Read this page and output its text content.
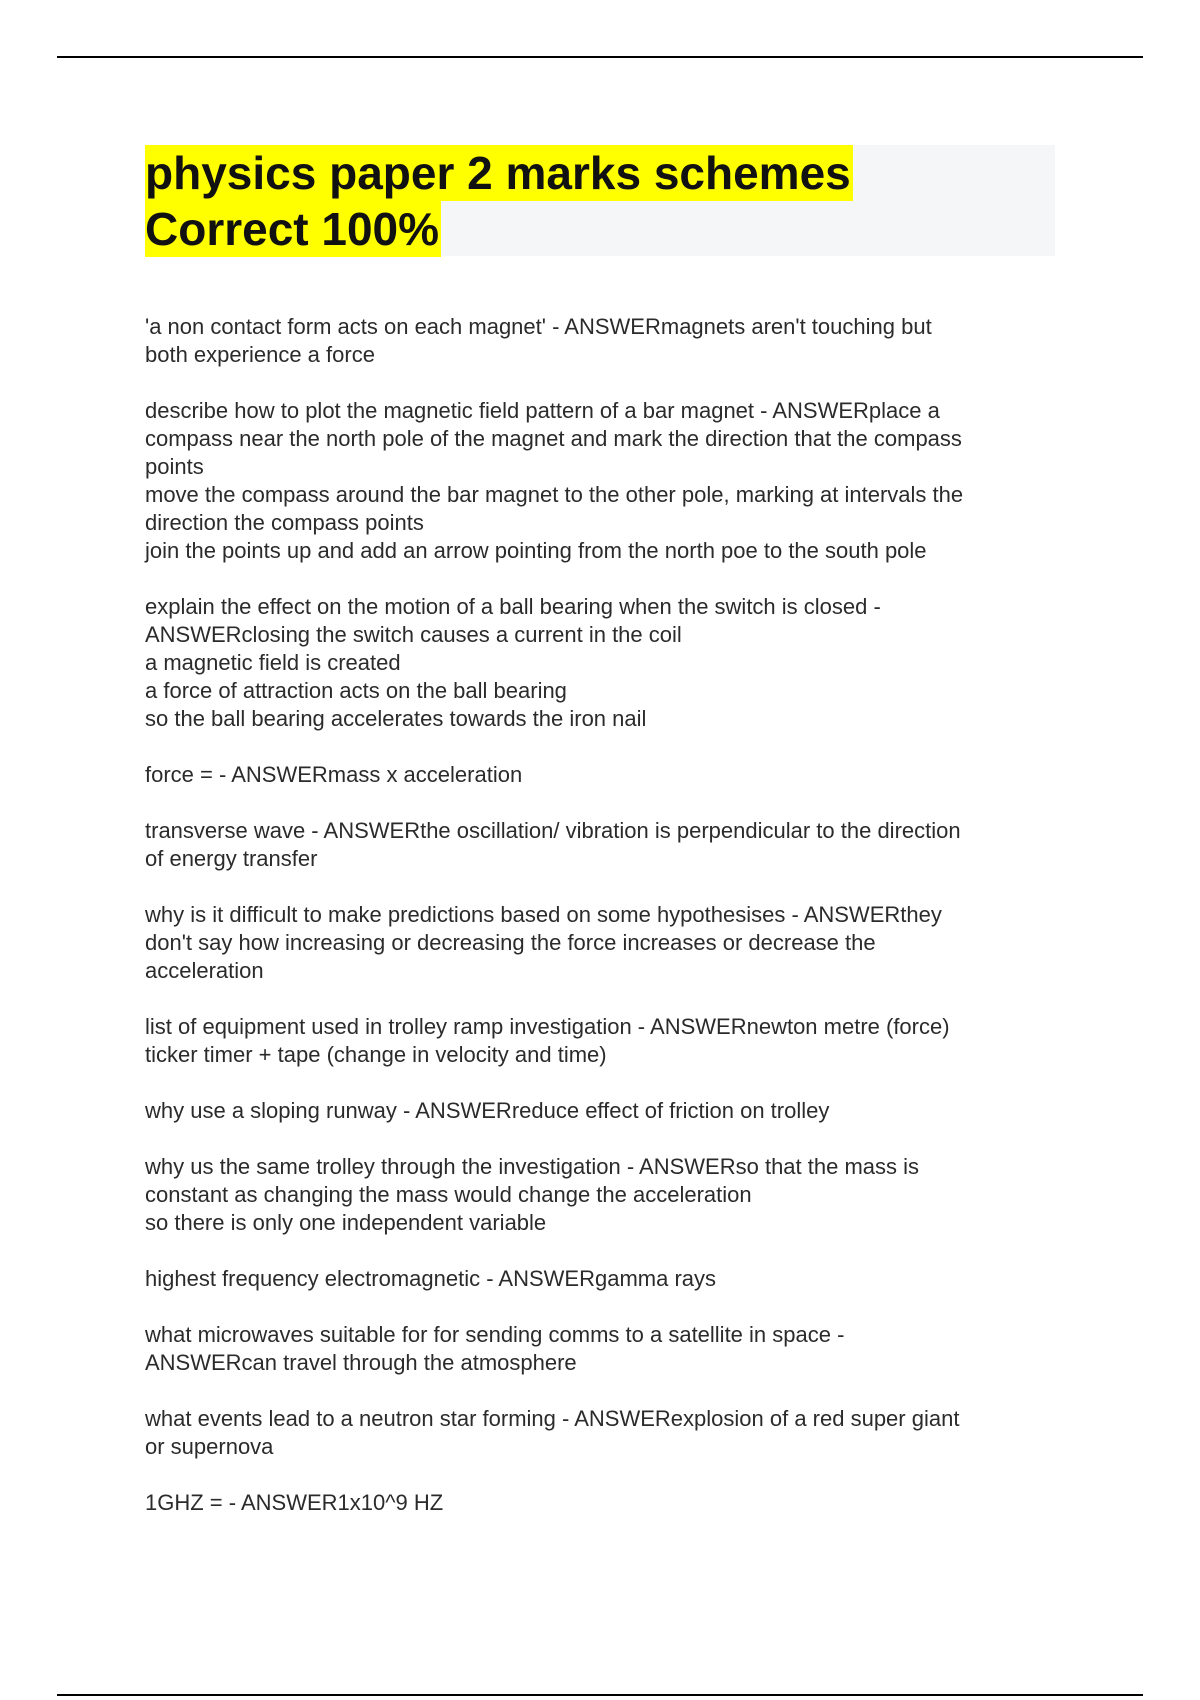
physics paper 2 marks schemes
Correct 100%
'a non contact form acts on each magnet' - ANSWERmagnets aren't touching but
both experience a force
describe how to plot the magnetic field pattern of a bar magnet - ANSWERplace a
compass near the north pole of the magnet and mark the direction that the compass
points
move the compass around the bar magnet to the other pole, marking at intervals the
direction the compass points
join the points up and add an arrow pointing from the north poe to the south pole
explain the effect on the motion of a ball bearing when the switch is closed -
ANSWERclosing the switch causes a current in the coil
a magnetic field is created
a force of attraction acts on the ball bearing
so the ball bearing accelerates towards the iron nail
force = - ANSWERmass x acceleration
transverse wave - ANSWERthe oscillation/ vibration is perpendicular to the direction
of energy transfer
why is it difficult to make predictions based on some hypothesises - ANSWERthey
don't say how increasing or decreasing the force increases or decrease the
acceleration
list of equipment used in trolley ramp investigation - ANSWERnewton metre (force)
ticker timer + tape (change in velocity and time)
why use a sloping runway - ANSWERreduce effect of friction on trolley
why us the same trolley through the investigation - ANSWERso that the mass is
constant as changing the mass would change the acceleration
so there is only one independent variable
highest frequency electromagnetic - ANSWERgamma rays
what microwaves suitable for for sending comms to a satellite in space -
ANSWERcan travel through the atmosphere
what events lead to a neutron star forming - ANSWERexplosion of a red super giant
or supernova
1GHZ = - ANSWER1x10^9 HZ
